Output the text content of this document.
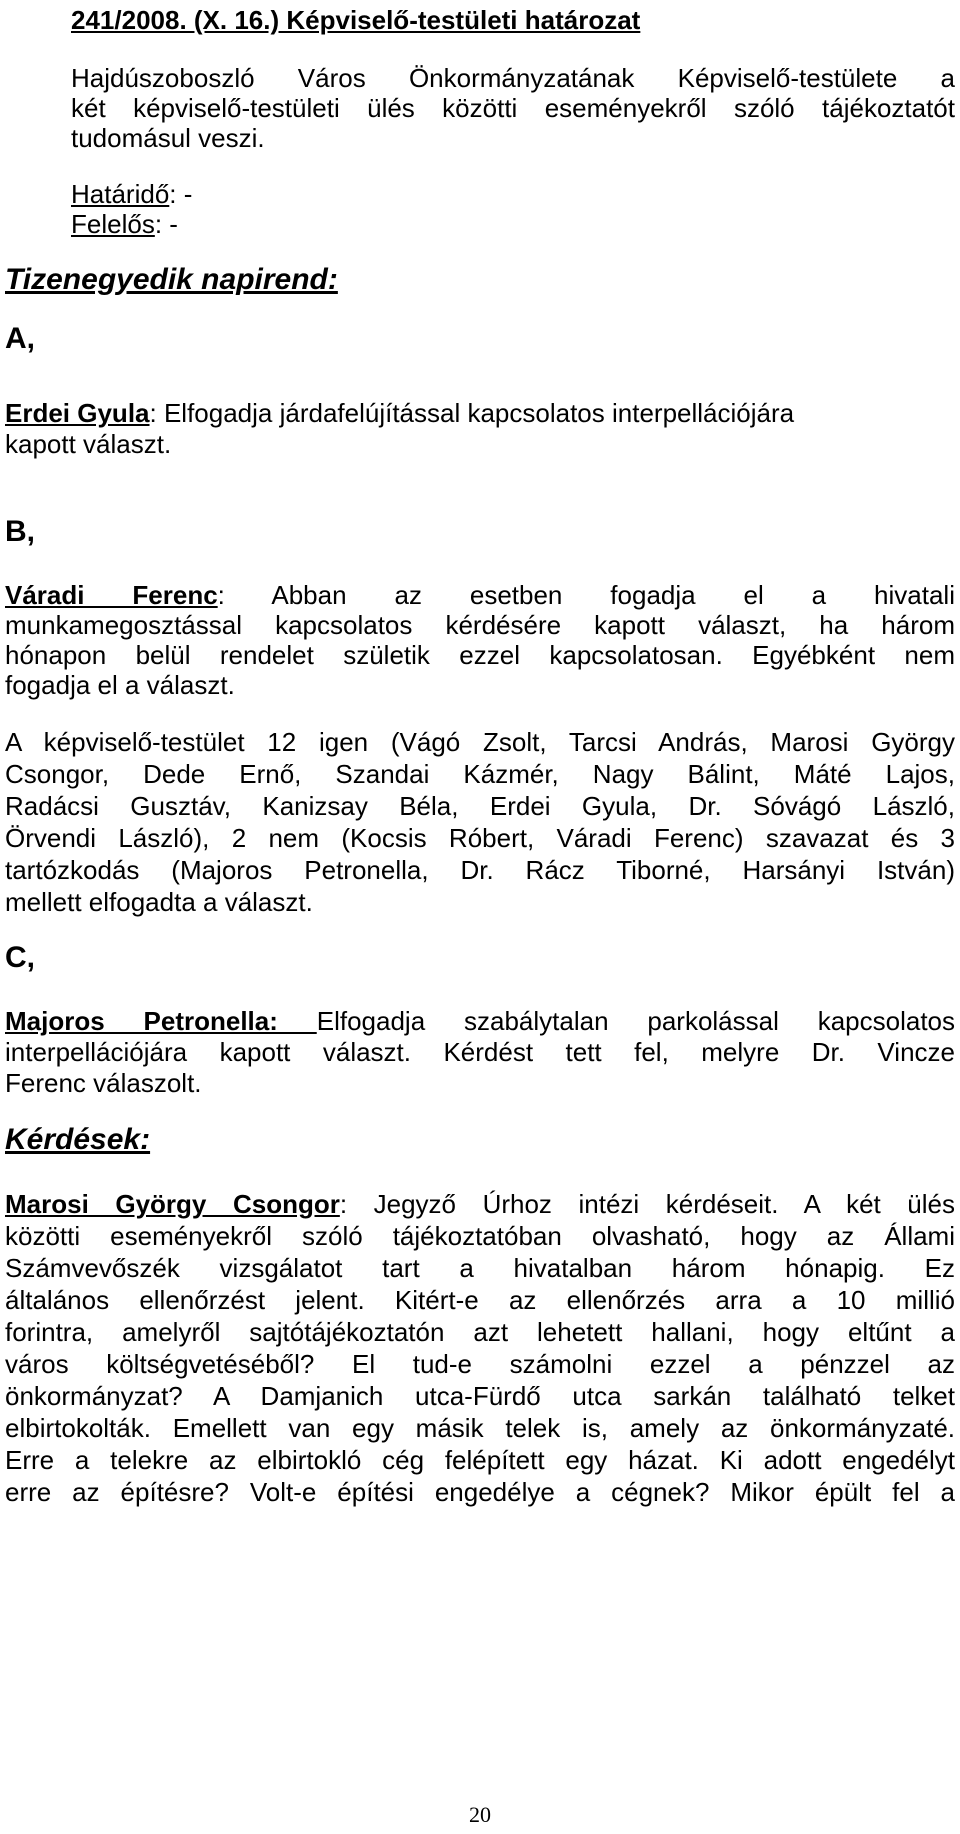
241/2008. (X. 16.) Képviselő-testületi határozat
Hajdúszoboszló Város Önkormányzatának Képviselő-testülete a
két képviselő-testületi ülés közötti eseményekről szóló tájékoztatót
tudomásul veszi.
Határidő: -
Felelős: -
Tizenegyedik napirend:
A,
Erdei Gyula: Elfogadja járdafelújítással kapcsolatos interpellációjára
kapott választ.
B,
Váradi Ferenc: Abban az esetben fogadja el a hivatali
munkamegosztással kapcsolatos kérdésére kapott választ, ha három
hónapon belül rendelet születik ezzel kapcsolatosan. Egyébként nem
fogadja el a választ.
A képviselő-testület 12 igen (Vágó Zsolt, Tarcsi András, Marosi György
Csongor, Dede Ernő, Szandai Kázmér, Nagy Bálint, Máté Lajos,
Radácsi Gusztáv, Kanizsay Béla, Erdei Gyula, Dr. Sóvágó László,
Örvendi László), 2 nem (Kocsis Róbert, Váradi Ferenc) szavazat és 3
tartózkodás (Majoros Petronella, Dr. Rácz Tiborné, Harsányi István)
mellett elfogadta a választ.
C,
Majoros Petronella: Elfogadja szabálytalan parkolással kapcsolatos
interpellációjára kapott választ. Kérdést tett fel, melyre Dr. Vincze
Ferenc válaszolt.
Kérdések:
Marosi György Csongor: Jegyző Úrhoz intézi kérdéseit. A két ülés
közötti eseményekről szóló tájékoztatóban olvasható, hogy az Állami
Számvevőszék vizsgálatot tart a hivatalban három hónapig. Ez
általános ellenőrzést jelent. Kitért-e az ellenőrzés arra a 10 millió
forintra, amelyről sajtótájékoztatón azt lehetett hallani, hogy eltűnt a
város költségvetéséből? El tud-e számolni ezzel a pénzzel az
önkormányzat? A Damjanich utca-Fürdő utca sarkán található telket
elbirtokolták. Emellett van egy másik telek is, amely az önkormányzaté.
Erre a telekre az elbirtokló cég felépített egy házat. Ki adott engedélyt
erre az építésre? Volt-e építési engedélye a cégnek? Mikor épült fel a
20
